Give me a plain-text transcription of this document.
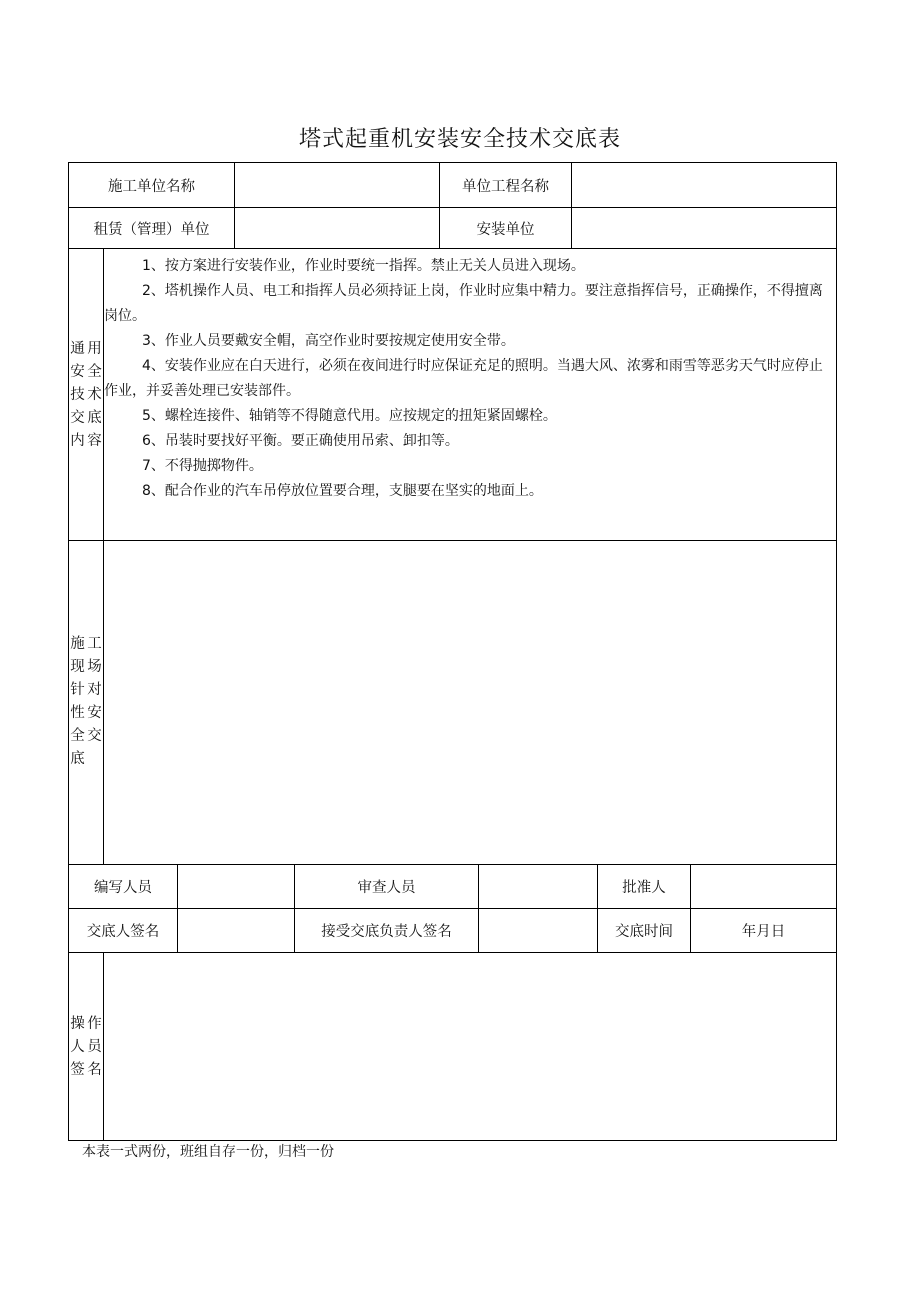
塔式起重机安装安全技术交底表
施工单位名称	单位工程名称
租赁（管理）单位	安装单位
通 用
安 全
技 术
交 底
内 容

1、按方案进行安装作业，作业时要统一指挥。禁止无关人员进入现场。

2、塔机操作人员、电工和指挥人员必须持证上岗，作业时应集中精力。要注意指挥信号，正确操作，不得擅离岗位。

3、作业人员要戴安全帽，高空作业时要按规定使用安全带。

4、安装作业应在白天进行，必须在夜间进行时应保证充足的照明。当遇大风、浓雾和雨雪等恶劣天气时应停止作业，并妥善处理已安装部件。

5、螺栓连接件、轴销等不得随意代用。应按规定的扭矩紧固螺栓。

6、吊装时要找好平衡。要正确使用吊索、卸扣等。

7、不得抛掷物件。

8、配合作业的汽车吊停放位置要合理，支腿要在坚实的地面上。

施 工
现 场
针 对
性 安
全 交
底
编写人员	审查人员	批准人
交底人签名	接受交底负责人签名	交底时间	年月日
操 作
人 员
签 名
本表一式两份，班组自存一份，归档一份
